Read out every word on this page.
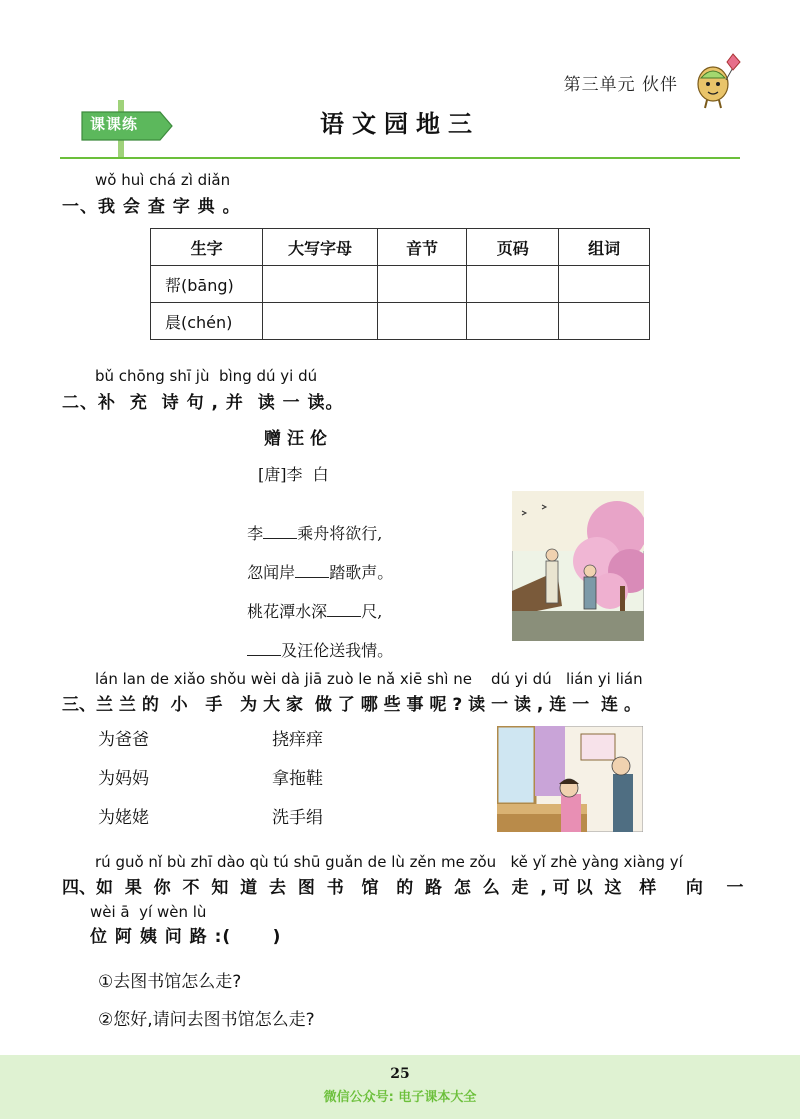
第三单元 伙伴
课课练	语文园地三
wǒ huì chá zì diǎn
一、我 会 查 字 典 。
生字	大写字母	音节	页码	组词
帮(bāng)				
晨(chén)				
bǔ chōng shī jù  bìng dú yi dú
二、补  充  诗 句 , 并  读 一 读。
赠汪伦
[唐]李  白

李 乘舟将欲行,

忽闻岸 踏歌声。

桃花潭水深 尺,

及汪伦送我情。

lán lan de xiǎo shǒu wèi dà jiā zuò le nǎ xiē shì ne    dú yi dú   lián yi lián
三、兰 兰 的  小   手   为 大 家  做 了 哪 些 事 呢 ? 读 一 读 , 连 一  连 。
为爸爸
为妈妈
为姥姥
挠痒痒
拿拖鞋
洗手绢
rú guǒ nǐ bù zhī dào qù tú shū guǎn de lù zěn me zǒu   kě yǐ zhè yàng xiàng yí
四、如  果  你  不  知  道  去  图  书   馆   的  路  怎  么  走  , 可 以  这   样     向    一
wèi ā  yí wèn lù
位 阿 姨 问 路 :(      )
①去图书馆怎么走?
②您好,请问去图书馆怎么走?
25
微信公众号: 电子课本大全
